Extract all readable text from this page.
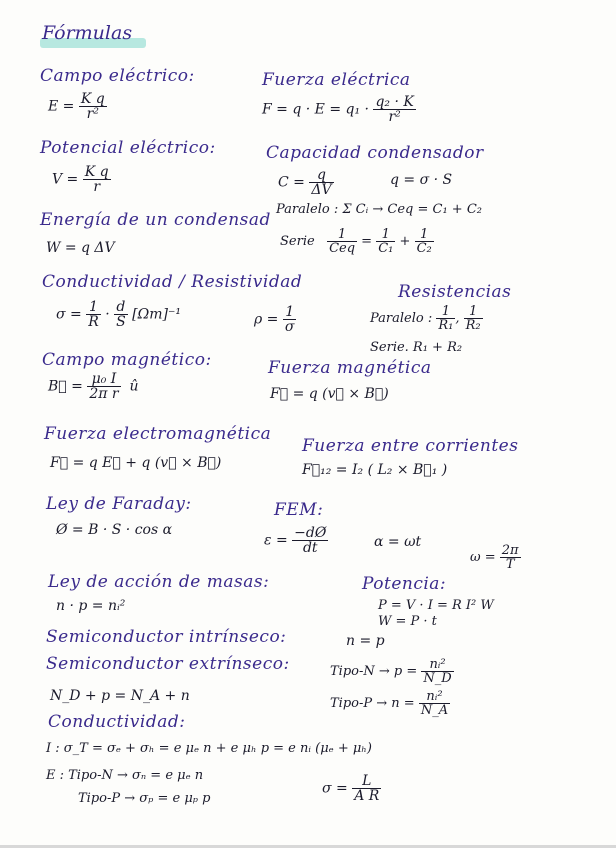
Fórmulas
Campo eléctrico:
$E = \frac{\text{K q}}{\text{r²}}$
Fuerza eléctrica
$F = q \cdot E = q_1 \cdot \frac{\text{q₂ · K}}{\text{r²}}$
Potencial eléctrico:
$V = \frac{\text{K q}}{r}$
Capacidad condensador
$C = \frac{q}{\Delta V}$	q = σ · S
Paralelo : Σ Cᵢ → Ceq = C₁ + C₂
Serie $\frac{1}{\text{Ceq}} = \frac{1}{\text{C₁}} + \frac{1}{\text{C₂}}$
Energía de un condensad
W = q ΔV
Conductividad / Resistividad
$\sigma = \frac{1}{R} \cdot \frac{d}{S} [\Omega m]^{-1}$	$\rho = \frac{1}{\sigma}$
Resistencias
Paralelo : $\frac{1}{\text{R₁}}$ , $\frac{1}{\text{R₂}}$
Serie. R₁ + R₂
Campo magnético:
B⃗ = $\frac{\text{μ₀ I}}{\text{2π r}}$ û
Fuerza magnética
F⃗ = q (v⃗ × B⃗)
Fuerza electromagnética
F⃗ = q E⃗ + q (v⃗ × B⃗)
Fuerza entre corrientes
F⃗₁₂ = I₂ ( L₂ × B⃗₁ )
Ley de Faraday:
Ø = B · S · cos α
FEM:
$\varepsilon = \frac{-dØ}{dt}$	α = ωt
$\omega = \frac{2\pi}{T}$
Ley de acción de masas:
n · p = nᵢ²
Potencia:
P = V · I = R I² W
W = P · t
Semiconductor intrínseco:	n = p
Semiconductor extrínseco:	Tipo-N → $p = \frac{\text{nᵢ²}}{N\_D}$
Tipo-P → $n = \frac{\text{nᵢ²}}{N\_A}$
N_D + p = N_A + n
Conductividad:
I : σ_T = σₑ + σₕ = e μₑ n + e μₕ p = e nᵢ (μₑ + μₕ)
E : Tipo-N → σₙ = e μₑ n
Tipo-P → σₚ = e μₚ p
$\sigma = \frac{L}{\text{A R}}$
